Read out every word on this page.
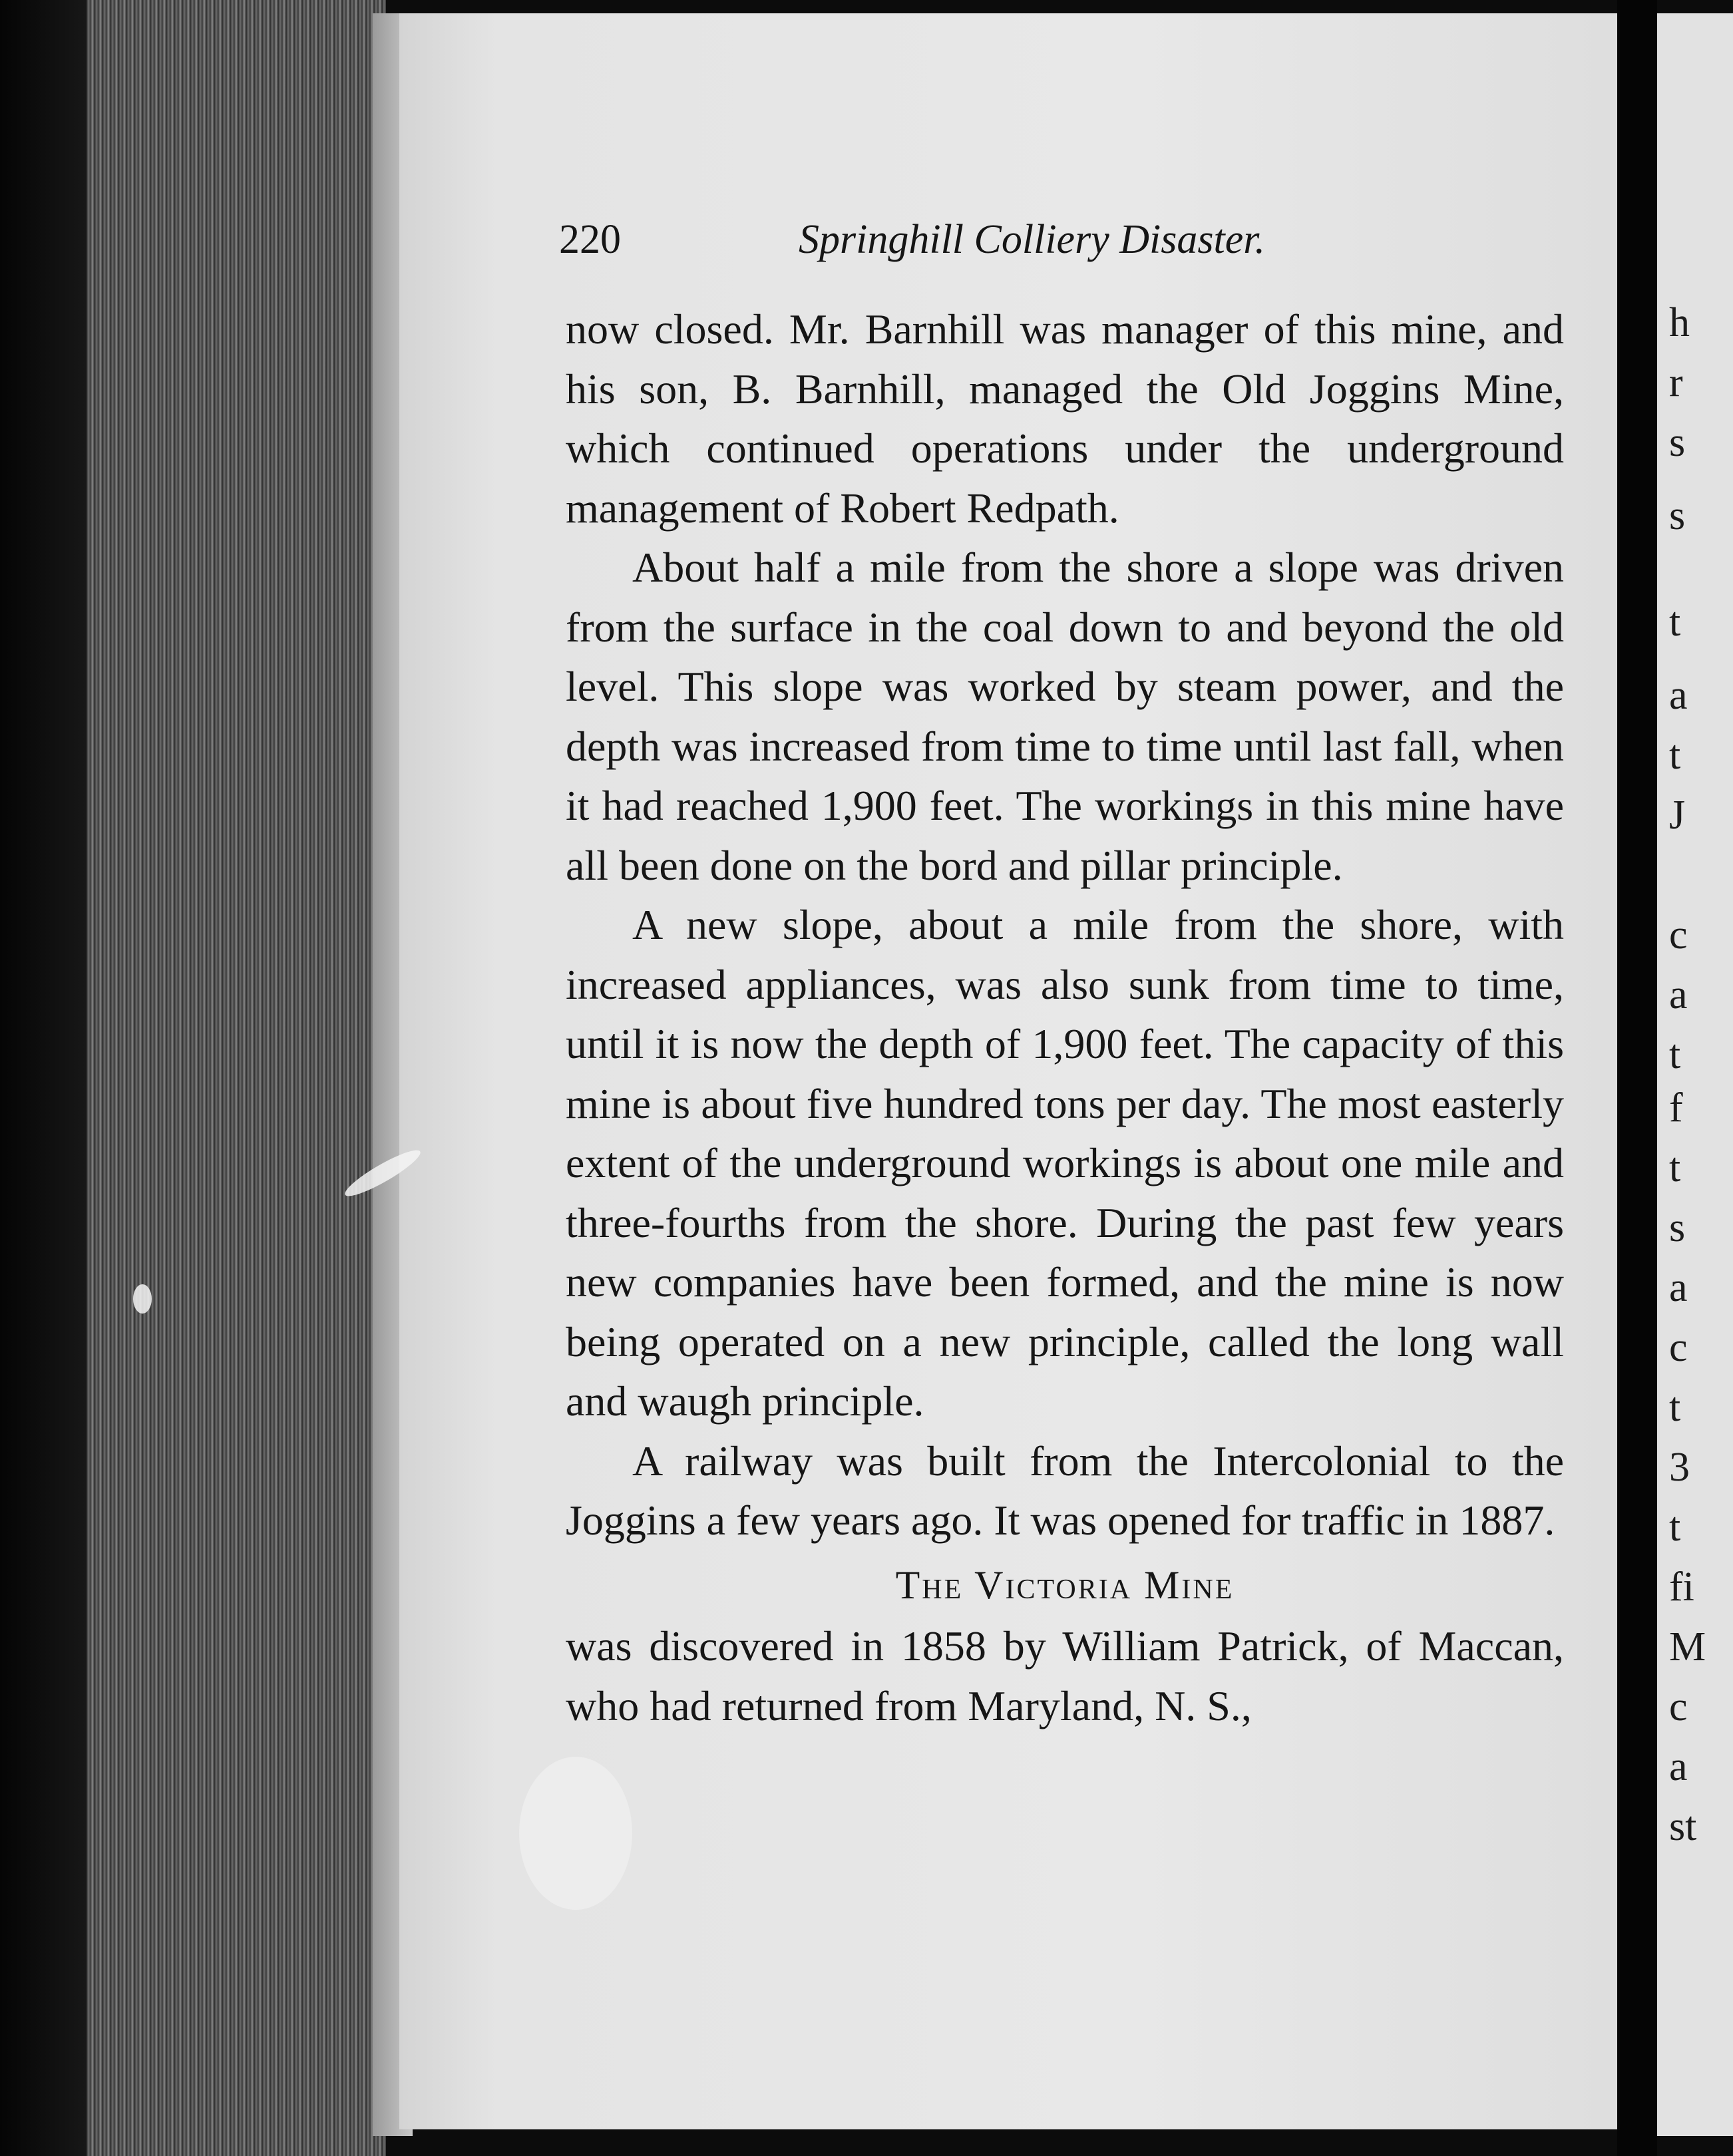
h
r
s
s
t
a
t
J
c
a
t
f
t
s
a
c
t
3
t
fi
M
c
a
st
220	Springhill Colliery Disaster.

now closed. Mr. Barnhill was manager of this mine, and his son, B. Barnhill, managed the Old Joggins Mine, which continued operations under the underground management of Robert Redpath.

About half a mile from the shore a slope was driven from the surface in the coal down to and beyond the old level. This slope was worked by steam power, and the depth was increased from time to time until last fall, when it had reached 1,900 feet. The workings in this mine have all been done on the bord and pillar principle.

A new slope, about a mile from the shore, with increased appliances, was also sunk from time to time, until it is now the depth of 1,900 feet. The capacity of this mine is about five hundred tons per day. The most easterly extent of the underground workings is about one mile and three-fourths from the shore. During the past few years new companies have been formed, and the mine is now being operated on a new principle, called the long wall and waugh principle.

A railway was built from the Intercolonial to the Joggins a few years ago. It was opened for traffic in 1887.

The Victoria Mine

was discovered in 1858 by William Patrick, of Maccan, who had returned from Maryland, N. S.,
